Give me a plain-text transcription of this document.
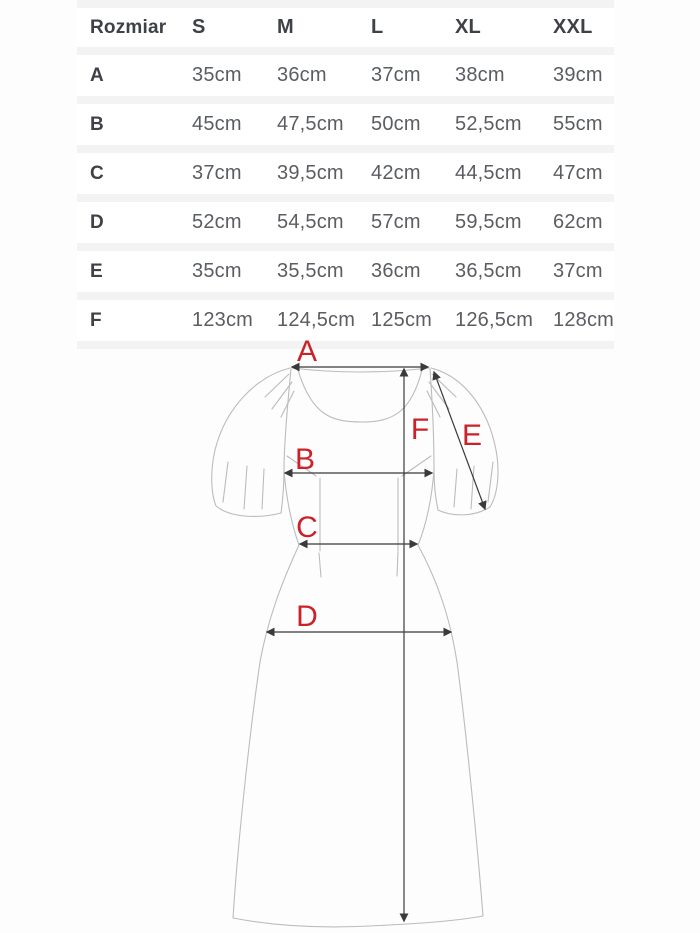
Rozmiar	S	M	L	XL	XXL
A	35cm	36cm	37cm	38cm	39cm
B	45cm	47,5cm	50cm	52,5cm	55cm
C	37cm	39,5cm	42cm	44,5cm	47cm
D	52cm	54,5cm	57cm	59,5cm	62cm
E	35cm	35,5cm	36cm	36,5cm	37cm
F	123cm	124,5cm 125cm	126,5cm 128cm
A
B
C
D
E
F
